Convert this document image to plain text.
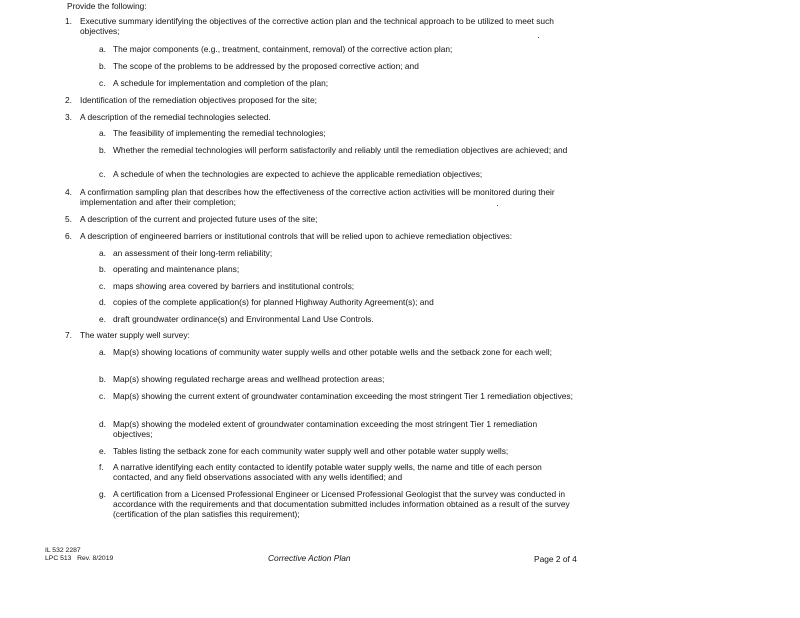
Provide the following:
1. Executive summary identifying the objectives of the corrective action plan and the technical approach to be utilized to meet such objectives;
a. The major components (e.g., treatment, containment, removal) of the corrective action plan;
b. The scope of the problems to be addressed by the proposed corrective action; and
c. A schedule for implementation and completion of the plan;
2. Identification of the remediation objectives proposed for the site;
3. A description of the remedial technologies selected.
a. The feasibility of implementing the remedial technologies;
b. Whether the remedial technologies will perform satisfactorily and reliably until the remediation objectives are achieved; and
c. A schedule of when the technologies are expected to achieve the applicable remediation objectives;
4. A confirmation sampling plan that describes how the effectiveness of the corrective action activities will be monitored during their implementation and after their completion;
5. A description of the current and projected future uses of the site;
6. A description of engineered barriers or institutional controls that will be relied upon to achieve remediation objectives:
a. an assessment of their long-term reliability;
b. operating and maintenance plans;
c. maps showing area covered by barriers and institutional controls;
d. copies of the complete application(s) for planned Highway Authority Agreement(s); and
e. draft groundwater ordinance(s) and Environmental Land Use Controls.
7. The water supply well survey:
a. Map(s) showing locations of community water supply wells and other potable wells and the setback zone for each well;
b. Map(s) showing regulated recharge areas and wellhead protection areas;
c. Map(s) showing the current extent of groundwater contamination exceeding the most stringent Tier 1 remediation objectives;
d. Map(s) showing the modeled extent of groundwater contamination exceeding the most stringent Tier 1 remediation objectives;
e. Tables listing the setback zone for each community water supply well and other potable water supply wells;
f. A narrative identifying each entity contacted to identify potable water supply wells, the name and title of each person contacted, and any field observations associated with any wells identified; and
g. A certification from a Licensed Professional Engineer or Licensed Professional Geologist that the survey was conducted in accordance with the requirements and that documentation submitted includes information obtained as a result of the survey (certification of the plan satisfies this requirement);
IL 532 2287
LPC 513   Rev. 8/2019	Corrective Action Plan	Page 2 of 4
